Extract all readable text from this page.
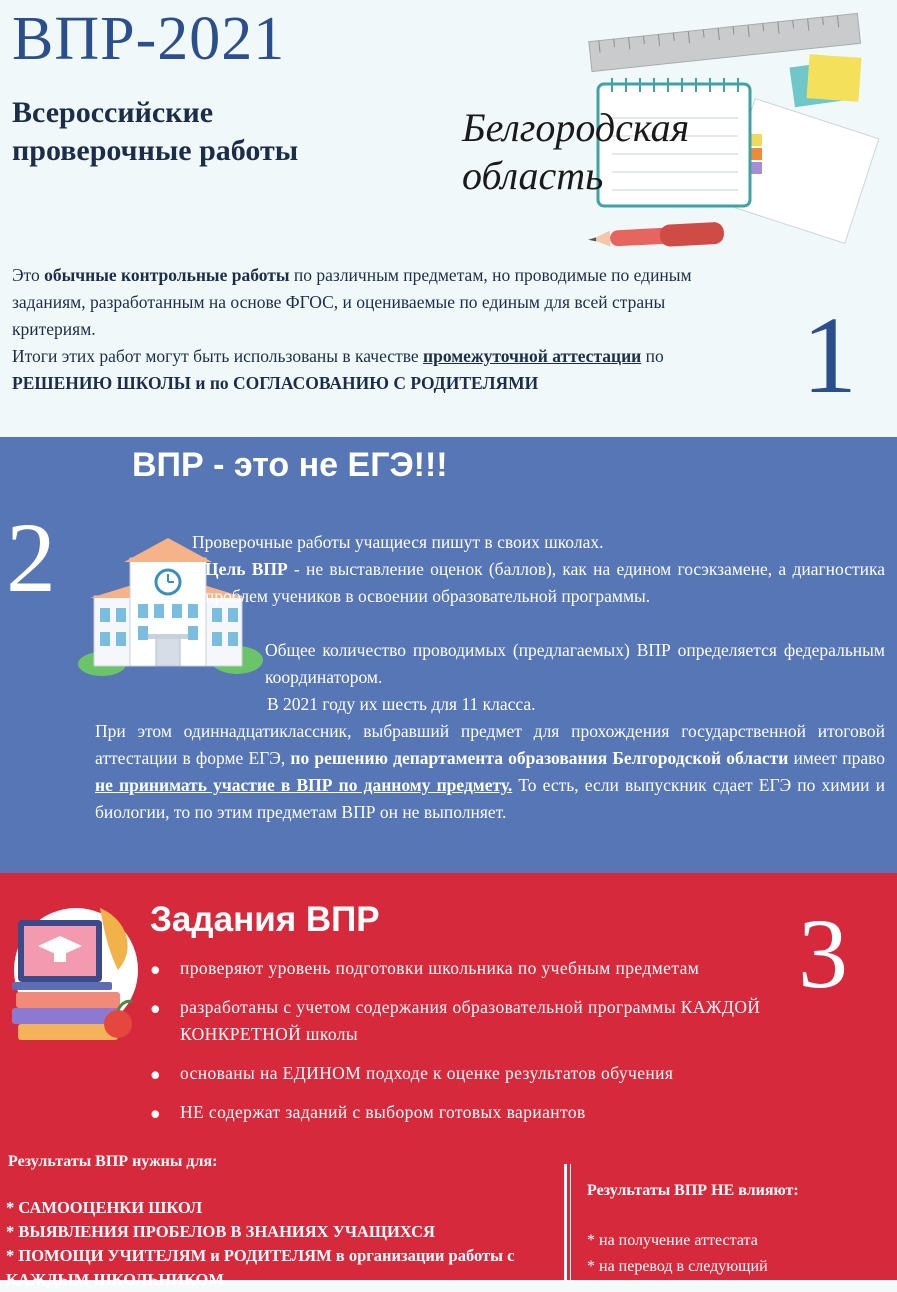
ВПР-2021
Всероссийские проверочные работы
Белгородская область
Это обычные контрольные работы по различным предметам, но проводимые по единым заданиям, разработанным на основе ФГОС, и оцениваемые по единым для всей страны критериям.
Итоги этих работ могут быть использованы в качестве промежуточной аттестации по РЕШЕНИЮ ШКОЛЫ и по СОГЛАСОВАНИЮ С РОДИТЕЛЯМИ	1
ВПР - это не ЕГЭ!!!
2	Проверочные работы учащиеся пишут в своих школах.
Цель ВПР - не выставление оценок (баллов), как на едином госэкзамене, а диагностика проблем учеников в освоении образовательной программы.
Общее количество проводимых (предлагаемых) ВПР определяется федеральным координатором.
В 2021 году их шесть для 11 класса.
При этом одиннадцатиклассник, выбравший предмет для прохождения государственной итоговой аттестации в форме ЕГЭ, по решению департамента образования Белгородской области имеет право не принимать участие в ВПР по данному предмету. То есть, если выпускник сдает ЕГЭ по химии и биологии, то по этим предметам ВПР он не выполняет.
Задания ВПР	3
● проверяют уровень подготовки школьника по учебным предметам
● разработаны с учетом содержания образовательной программы КАЖДОЙ КОНКРЕТНОЙ школы
● основаны на ЕДИНОМ подходе к оценке результатов обучения
● НЕ содержат заданий с выбором готовых вариантов
Результаты ВПР нужны для:
* САМООЦЕНКИ ШКОЛ
* ВЫЯВЛЕНИЯ ПРОБЕЛОВ В ЗНАНИЯХ УЧАЩИХСЯ
* ПОМОЩИ УЧИТЕЛЯМ и РОДИТЕЛЯМ в организации работы с КАЖДЫМ ШКОЛЬНИКОМ
Результаты ВПР НЕ влияют:
* на получение аттестата
* на перевод в следующий
